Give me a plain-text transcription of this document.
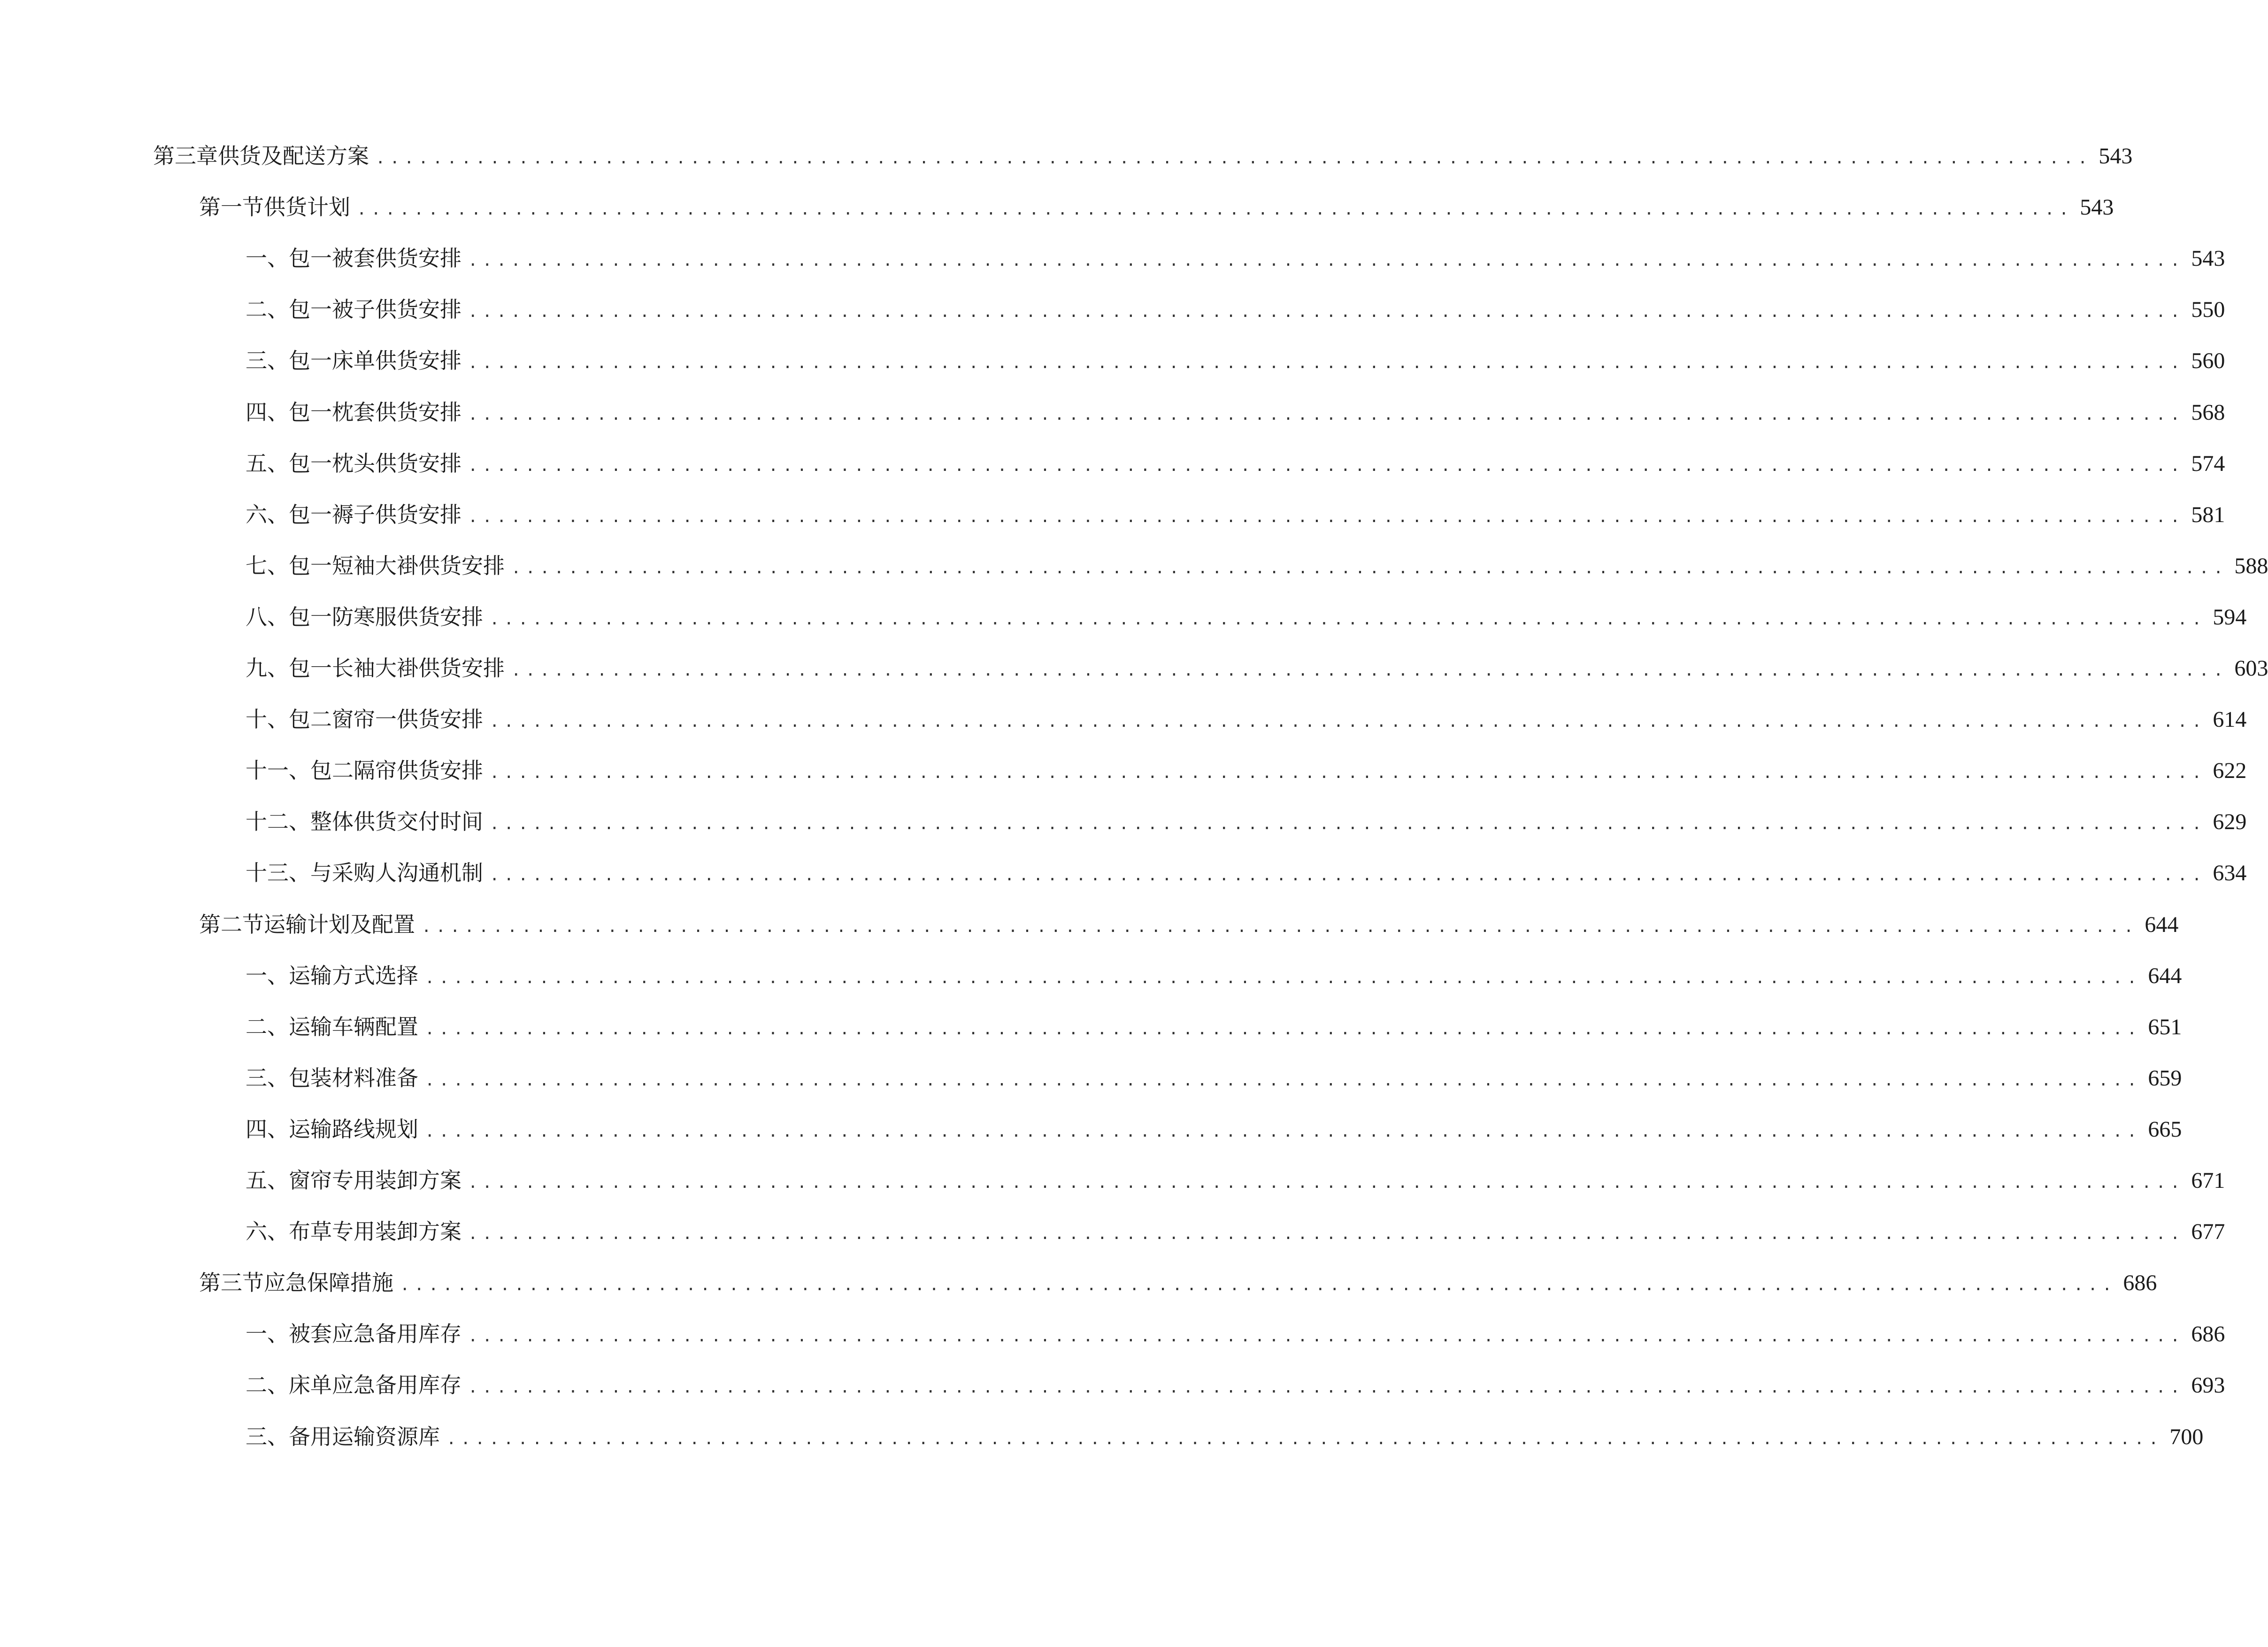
第三章 供货及配送方案 ........................................................................................................................ 543
第一节 供货计划 ........................................................................................................................ 543
一、 包一被套供货安排 ........................................................................................................................ 543
二、 包一被子供货安排 ........................................................................................................................ 550
三、 包一床单供货安排 ........................................................................................................................ 560
四、 包一枕套供货安排 ........................................................................................................................ 568
五、 包一枕头供货安排 ........................................................................................................................ 574
六、 包一褥子供货安排 ........................................................................................................................ 581
七、 包一短袖大褂供货安排 ........................................................................................................................ 588
八、 包一防寒服供货安排 ........................................................................................................................ 594
九、 包一长袖大褂供货安排 ........................................................................................................................ 603
十、 包二窗帘一供货安排 ........................................................................................................................ 614
十一、 包二隔帘供货安排 ........................................................................................................................ 622
十二、 整体供货交付时间 ........................................................................................................................ 629
十三、 与采购人沟通机制 ........................................................................................................................ 634
第二节 运输计划及配置 ........................................................................................................................ 644
一、 运输方式选择 ........................................................................................................................ 644
二、 运输车辆配置 ........................................................................................................................ 651
三、 包装材料准备 ........................................................................................................................ 659
四、 运输路线规划 ........................................................................................................................ 665
五、 窗帘专用装卸方案 ........................................................................................................................ 671
六、 布草专用装卸方案 ........................................................................................................................ 677
第三节 应急保障措施 ........................................................................................................................ 686
一、 被套应急备用库存 ........................................................................................................................ 686
二、 床单应急备用库存 ........................................................................................................................ 693
三、 备用运输资源库 ........................................................................................................................ 700
